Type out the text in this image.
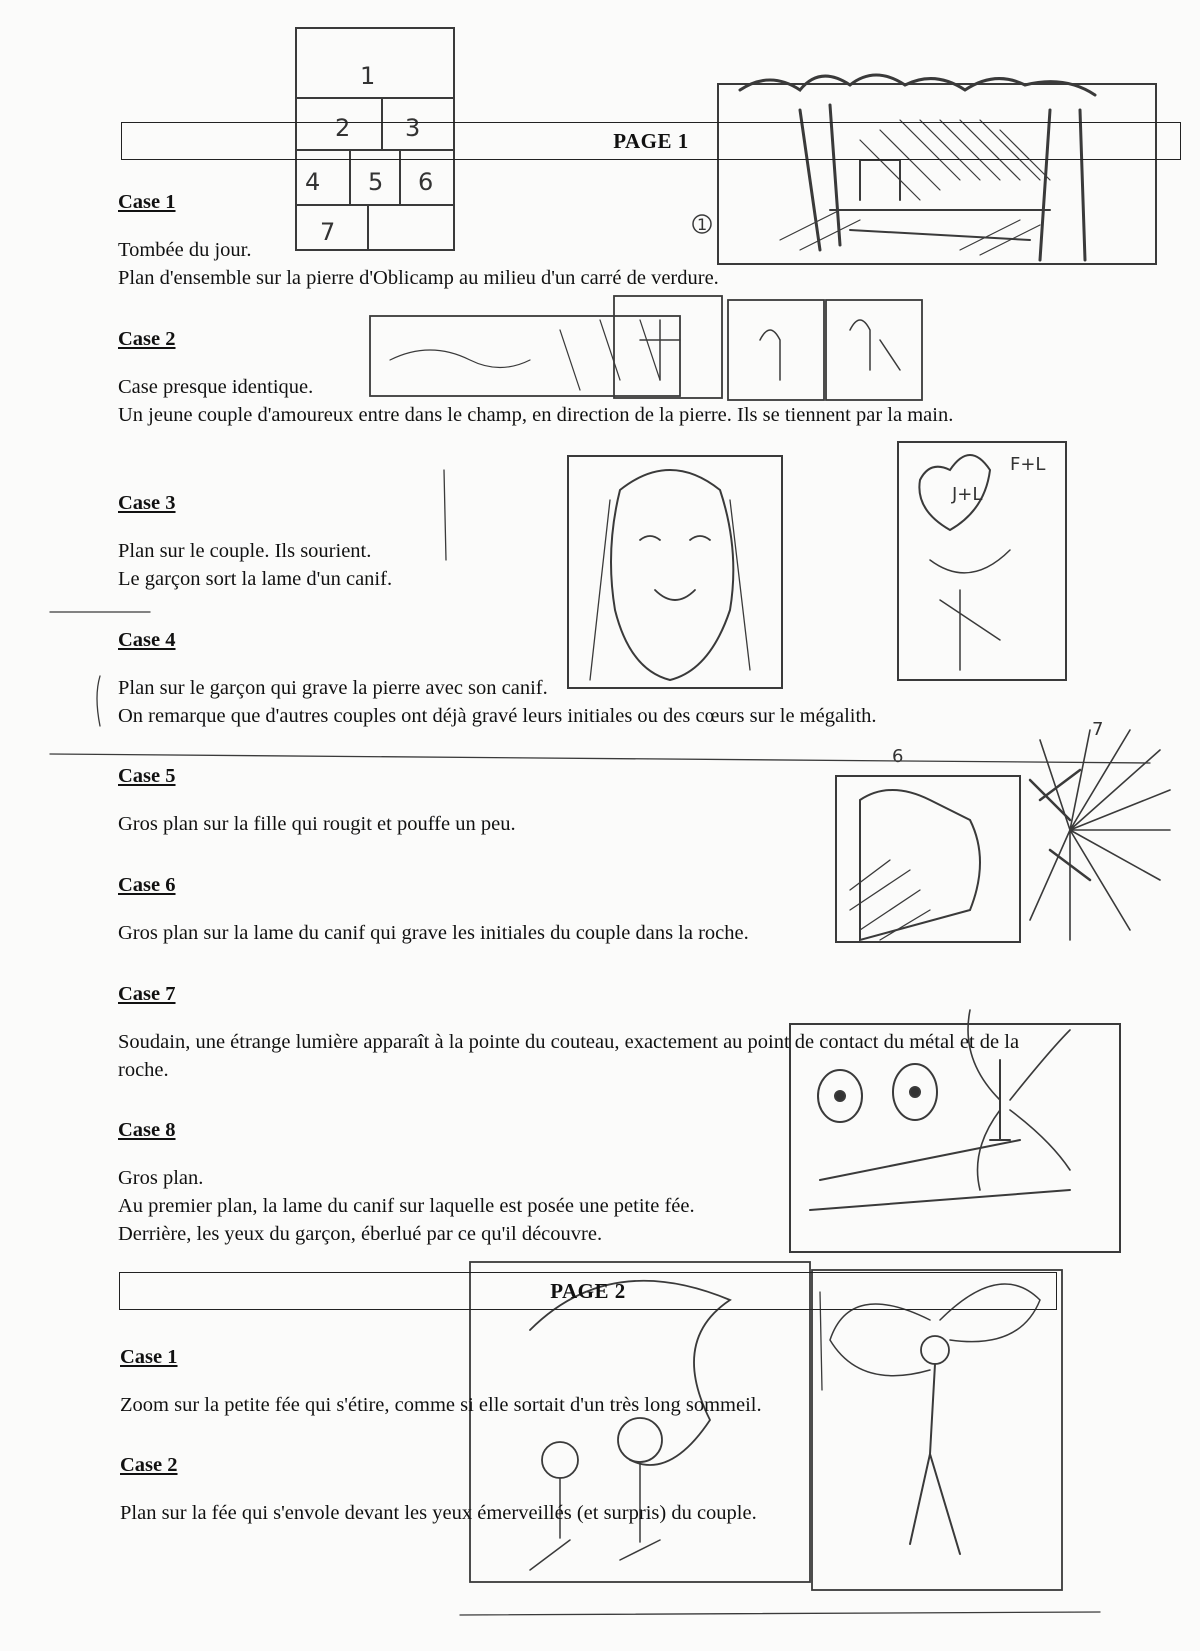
1
2 3
4 5 6
7	1
J+L
F+L
6
7
PAGE 1
Case 1

Tombée du jour.

Plan d'ensemble sur la pierre d'Oblicamp au milieu d'un carré de verdure.

Case 2

Case presque identique.

Un jeune couple d'amoureux entre dans le champ, en direction de la pierre. Ils se tiennent par la main.

Case 3

Plan sur le couple. Ils sourient.

Le garçon sort la lame d'un canif.

Case 4

Plan sur le garçon qui grave la pierre avec son canif.

On remarque que d'autres couples ont déjà gravé leurs initiales ou des cœurs sur le mégalith.

Case 5

Gros plan sur la fille qui rougit et pouffe un peu.

Case 6

Gros plan sur la lame du canif qui grave les initiales du couple dans la roche.

Case 7

Soudain, une étrange lumière apparaît à la pointe du couteau, exactement au point de contact du métal et de la roche.

Case 8

Gros plan.

Au premier plan, la lame du canif sur laquelle est posée une petite fée.

Derrière, les yeux du garçon, éberlué par ce qu'il découvre.

PAGE 2
Case 1

Zoom sur la petite fée qui s'étire, comme si elle sortait d'un très long sommeil.

Case 2

Plan sur la fée qui s'envole devant les yeux émerveillés (et surpris) du couple.
